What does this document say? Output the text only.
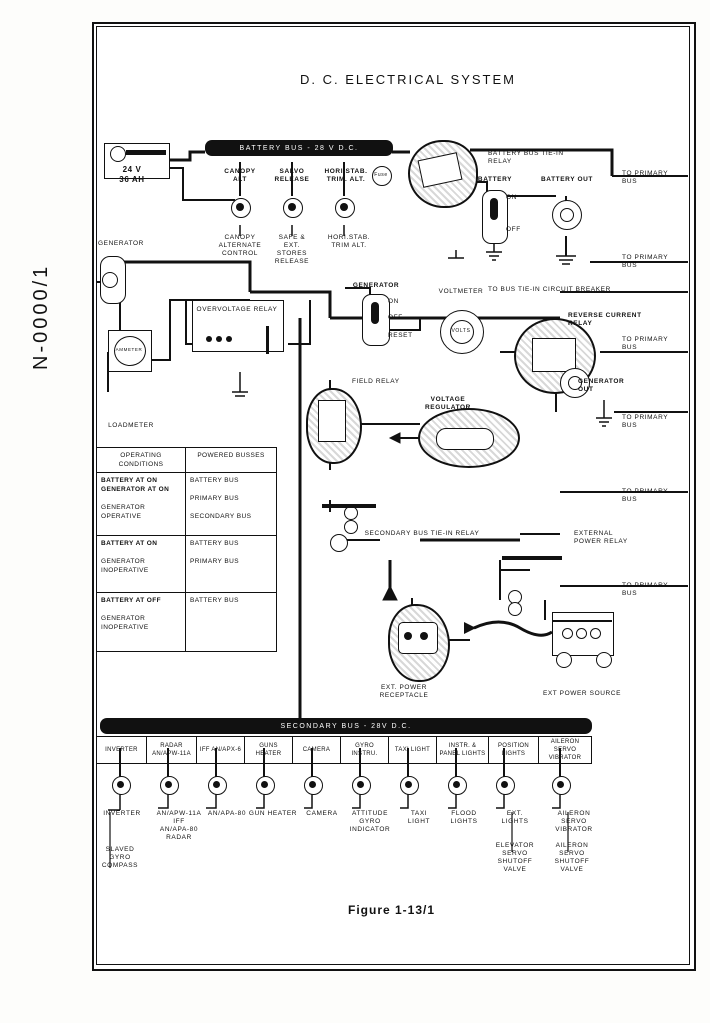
D. C. ELECTRICAL SYSTEM
N-0000/1
Figure 1-13/1
24 V
36 AH
BATTERY BUS - 28 V D.C.
CANOPY
ALT
SALVO
RELEASE
HORI.STAB.
TRIM. ALT.
CANOPY
ALTERNATE
CONTROL
SAFE &
EXT.
STORES
RELEASE
HORI.STAB.
TRIM ALT.
Fuse
BATTERY BUS TIE-IN RELAY
BATTERY
ON
OFF
BATTERY OUT
TO PRIMARY BUS
TO PRIMARY BUS
TO BUS TIE-IN CIRCUIT BREAKER
TO PRIMARY BUS
TO PRIMARY BUS
TO PRIMARY BUS
TO PRIMARY BUS
GENERATOR
AMMETER
LOADMETER
OVERVOLTAGE RELAY
GENERATOR
ON
OFF
RESET
VOLTS
VOLTMETER
REVERSE CURRENT RELAY
GENERATOR OUT
FIELD RELAY
VOLTAGE REGULATOR
OPERATING CONDITIONS	POWERED BUSSES
BATTERY AT ON
GENERATOR AT ON

GENERATOR OPERATIVE	BATTERY BUS

PRIMARY BUS

SECONDARY BUS
BATTERY AT ON

GENERATOR INOPERATIVE	BATTERY BUS

PRIMARY BUS
BATTERY AT OFF

GENERATOR INOPERATIVE	BATTERY BUS
SECONDARY BUS TIE-IN RELAY	EXTERNAL POWER RELAY
EXT. POWER RECEPTACLE	EXT POWER SOURCE
SECONDARY BUS - 28V D.C.
INVERTER
RADAR AN/APW-11A
IFF AN/APX-6
GUNS HEATER
CAMERA
GYRO INSTRU.
TAXI LIGHT
INSTR. & PANEL LIGHTS
POSITION LIGHTS
AILERON SERVO VIBRATOR
INVERTER	AN/APW-11A IFF
AN/APA-80
RADAR
AN/APA-80 GUN HEATER	CAMERA	ATTITUDE
GYRO
INDICATOR
TAXI
LIGHT
FLOOD
LIGHTS
EXT.
LIGHTS
AILERON
SERVO
VIBRATOR
SLAVED
GYRO
COMPASS
ELEVATOR
SERVO
SHUTOFF
VALVE
AILERON
SERVO
SHUTOFF
VALVE
